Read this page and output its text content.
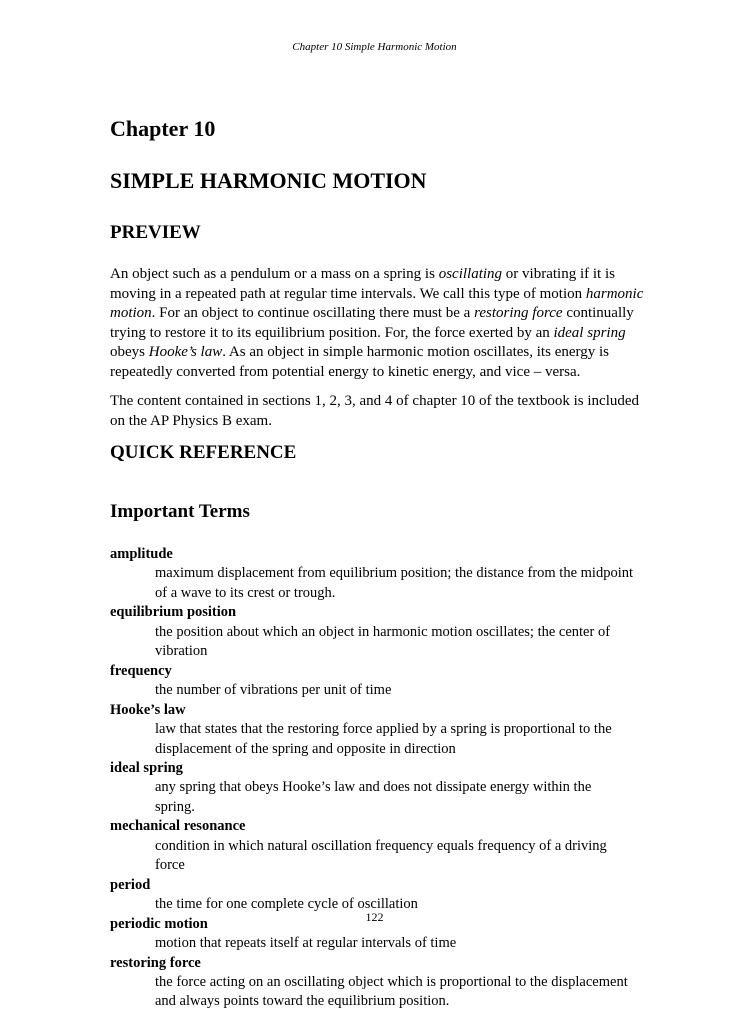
Chapter 10 Simple Harmonic Motion
Chapter 10
SIMPLE HARMONIC MOTION
PREVIEW
An object such as a pendulum or a mass on a spring is oscillating or vibrating if it is
moving in a repeated path at regular time intervals. We call this type of motion harmonic
motion. For an object to continue oscillating there must be a restoring force continually
trying to restore it to its equilibrium position. For, the force exerted by an ideal spring
obeys Hooke’s law. As an object in simple harmonic motion oscillates, its energy is
repeatedly converted from potential energy to kinetic energy, and vice – versa.
The content contained in sections 1, 2, 3, and 4 of chapter 10 of the textbook is included
on the AP Physics B exam.
QUICK REFERENCE
Important Terms
amplitude
maximum displacement from equilibrium position; the distance from the midpoint
of a wave to its crest or trough.
equilibrium position
the position about which an object in harmonic motion oscillates; the center of
vibration
frequency
the number of vibrations per unit of time
Hooke’s law
law that states that the restoring force applied by a spring is proportional to the
displacement of the spring and opposite in direction
ideal spring
any spring that obeys Hooke’s law and does not dissipate energy within the
spring.
mechanical resonance
condition in which natural oscillation frequency equals frequency of a driving
force
period
the time for one complete cycle of oscillation
periodic motion
motion that repeats itself at regular intervals of time
restoring force
the force acting on an oscillating object which is proportional to the displacement
and always points toward the equilibrium position.
122
